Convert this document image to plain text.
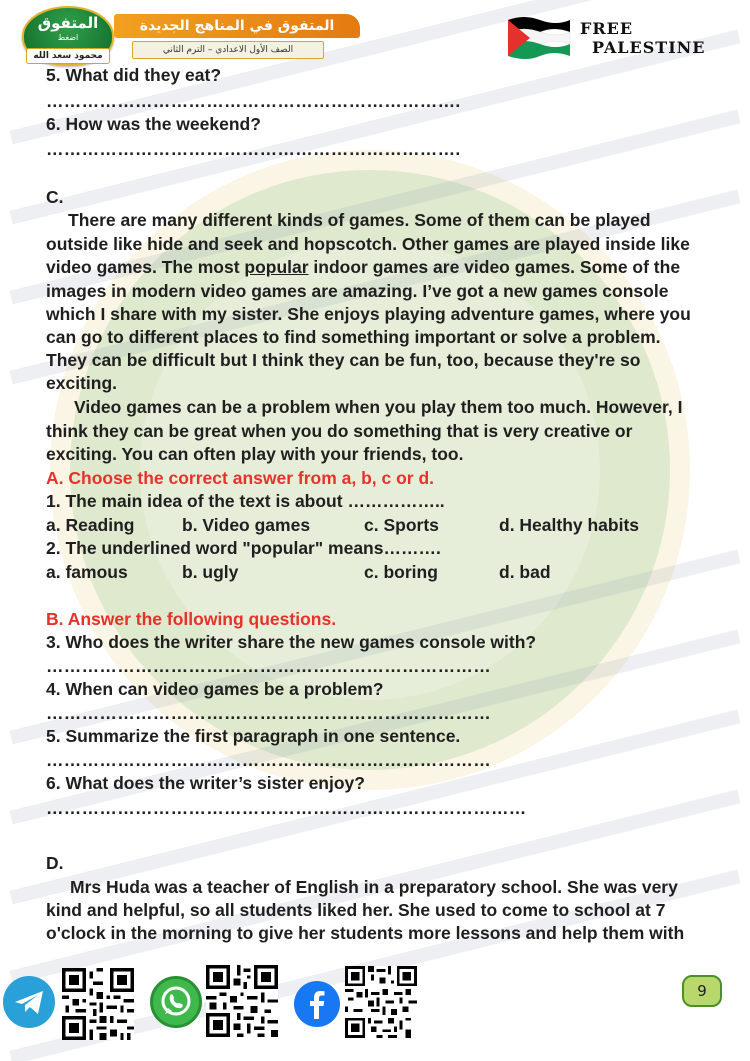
المتفوق
اضغط
محمود سعد الله
المتفوق في المناهج الجديدة
الصف الأول الاعدادي – الترم الثاني
FREE
PALESTINE
5. What did they eat?
…………………………………………………………….
6. How was the weekend?
…………………………………………………………….
C.
There are many different kinds of games. Some of them can be played
outside like hide and seek and hopscotch. Other games are played inside like
video games. The most popular indoor games are video games. Some of the
images in modern video games are amazing. I’ve got a new games console
which I share with my sister. She enjoys playing adventure games, where you
can go to different places to find something important or solve a problem.
They can be difficult but I think they can be fun, too, because they're so
exciting.
Video games can be a problem when you play them too much. However, I
think they can be great when you do something that is very creative or
exciting. You can often play with your friends, too.
A. Choose the correct answer from a, b, c or d.
1. The main idea of the text is about ……………..
a. Reading	b. Video games	c. Sports	d. Healthy habits
2. The underlined word "popular" means……….
a. famous	b. ugly	c. boring	d. bad
B. Answer the following questions.
3. Who does the writer share the new games console with?
…………………………………………………………………
4. When can video games be a problem?
…………………………………………………………………
5. Summarize the first paragraph in one sentence.
…………………………………………………………………
6. What does the writer’s sister enjoy?
………………………………………………………………………
D.
Mrs Huda was a teacher of English in a preparatory school. She was very
kind and helpful, so all students liked her. She used to come to school at 7
o'clock in the morning to give her students more lessons and help them with
9
